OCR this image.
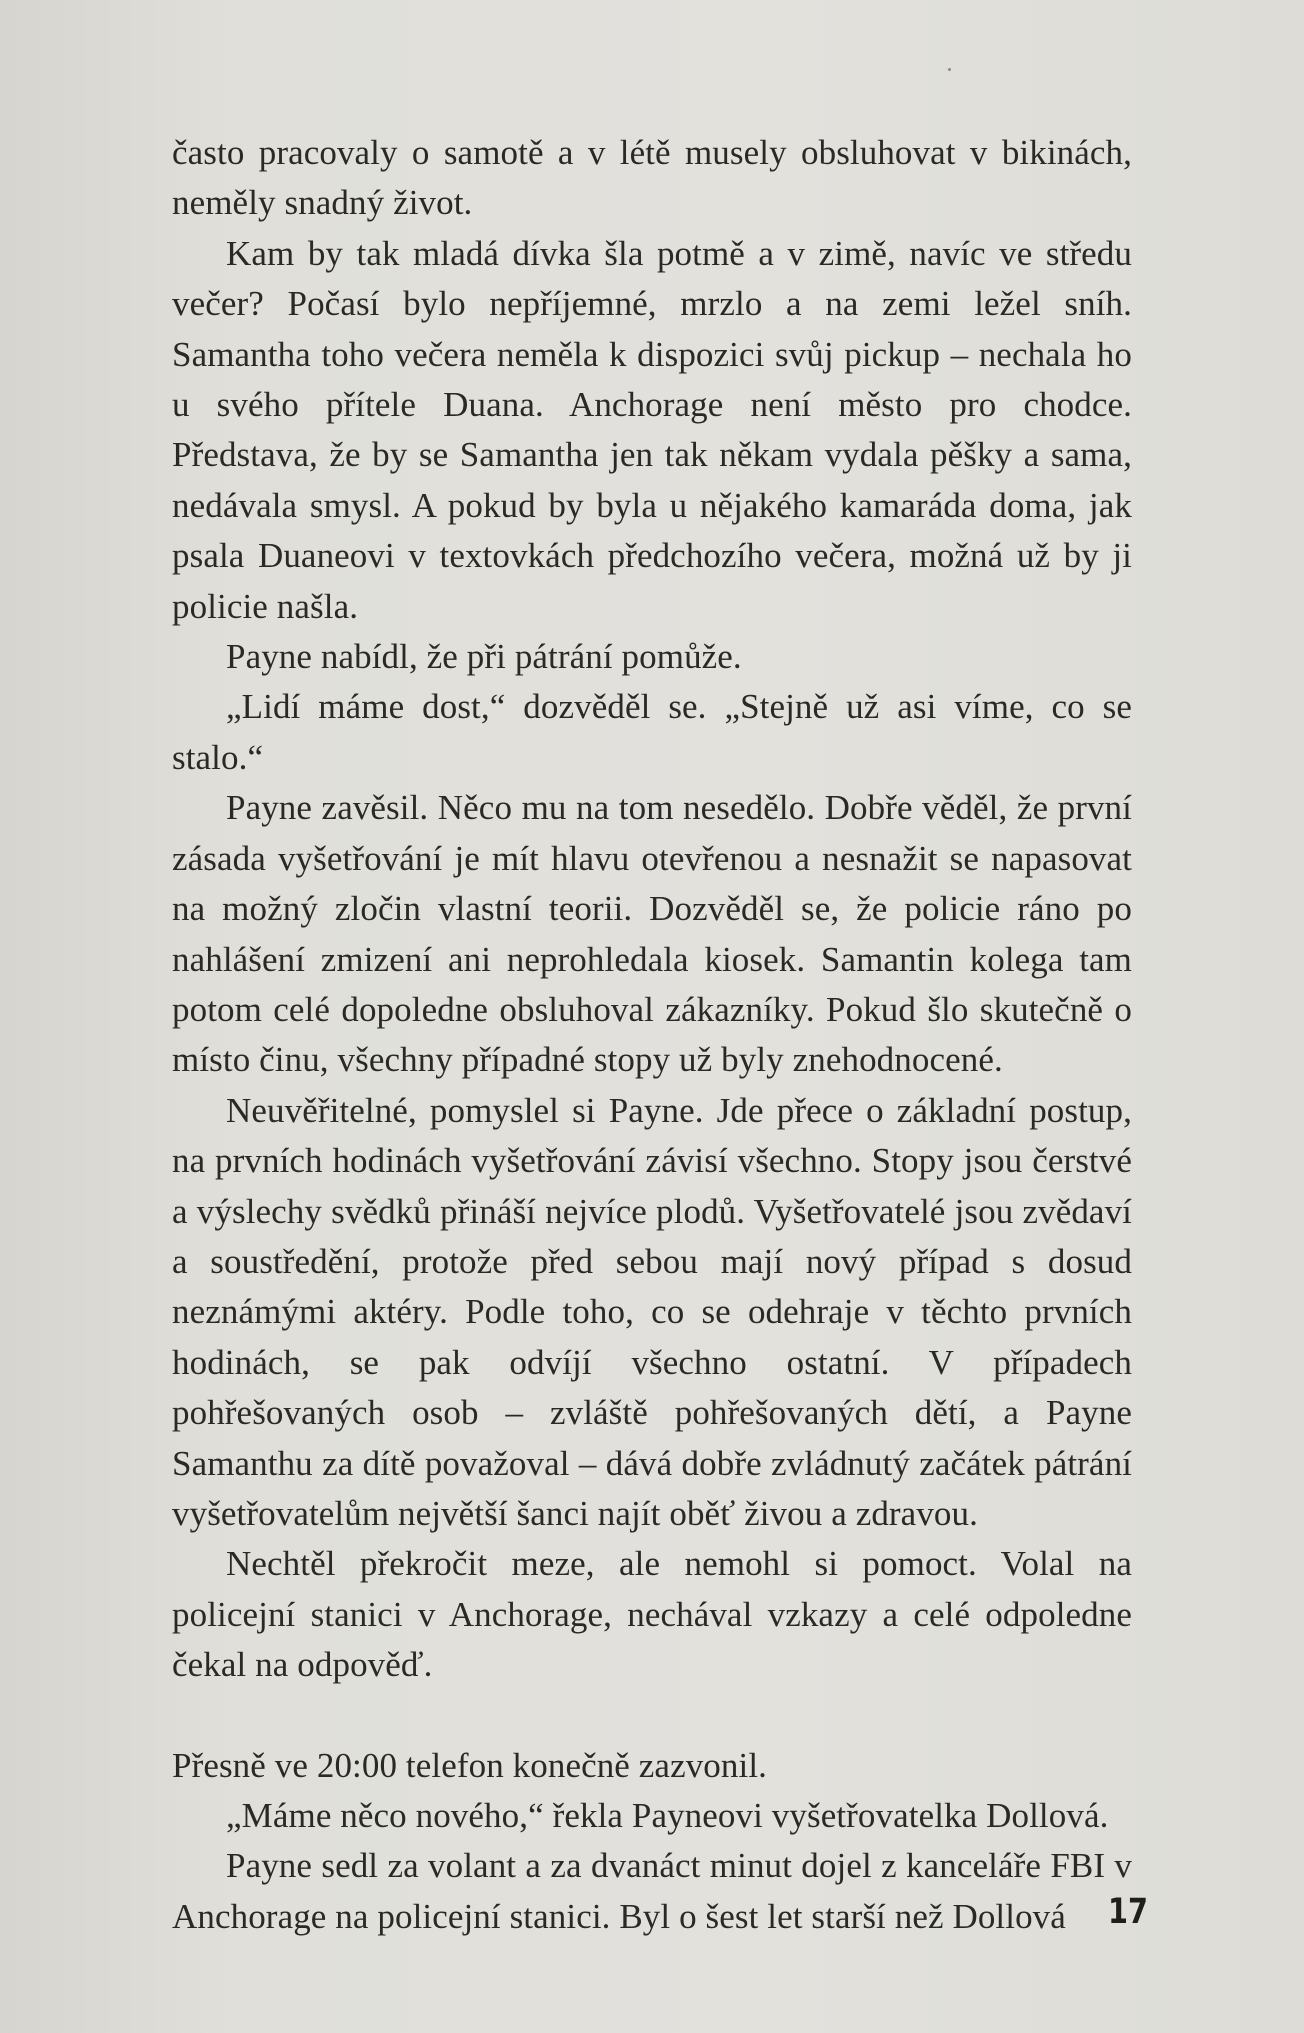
často pracovaly o samotě a v létě musely obsluhovat v bikinách, neměly snadný život.

Kam by tak mladá dívka šla potmě a v zimě, navíc ve středu večer? Počasí bylo nepříjemné, mrzlo a na zemi ležel sníh. Samantha toho večera neměla k dispozici svůj pickup – nechala ho u svého přítele Duana. Anchorage není město pro chodce. Představa, že by se Samantha jen tak někam vydala pěšky a sama, nedávala smysl. A pokud by byla u nějakého kamaráda doma, jak psala Duaneovi v textovkách předchozího večera, možná už by ji policie našla.

Payne nabídl, že při pátrání pomůže.

„Lidí máme dost,“ dozvěděl se. „Stejně už asi víme, co se stalo.“

Payne zavěsil. Něco mu na tom nesedělo. Dobře věděl, že první zásada vyšetřování je mít hlavu otevřenou a nesnažit se napasovat na možný zločin vlastní teorii. Dozvěděl se, že policie ráno po nahlášení zmizení ani neprohledala kiosek. Samantin kolega tam potom celé dopoledne obsluhoval zákazníky. Pokud šlo skutečně o místo činu, všechny případné stopy už byly znehodnocené.

Neuvěřitelné, pomyslel si Payne. Jde přece o základní postup, na prvních hodinách vyšetřování závisí všechno. Stopy jsou čerstvé a výslechy svědků přináší nejvíce plodů. Vyšetřovatelé jsou zvědaví a soustředění, protože před sebou mají nový případ s dosud neznámými aktéry. Podle toho, co se odehraje v těchto prvních hodinách, se pak odvíjí všechno ostatní. V případech pohřešovaných osob – zvláště pohřešovaných dětí, a Payne Samanthu za dítě považoval – dává dobře zvládnutý začátek pátrání vyšetřovatelům největší šanci najít oběť živou a zdravou.

Nechtěl překročit meze, ale nemohl si pomoct. Volal na policejní stanici v Anchorage, nechával vzkazy a celé odpoledne čekal na odpověď.

Přesně ve 20:00 telefon konečně zazvonil.

„Máme něco nového,“ řekla Payneovi vyšetřovatelka Dollová.

Payne sedl za volant a za dvanáct minut dojel z kanceláře FBI v Anchorage na policejní stanici. Byl o šest let starší než Dollová	17
